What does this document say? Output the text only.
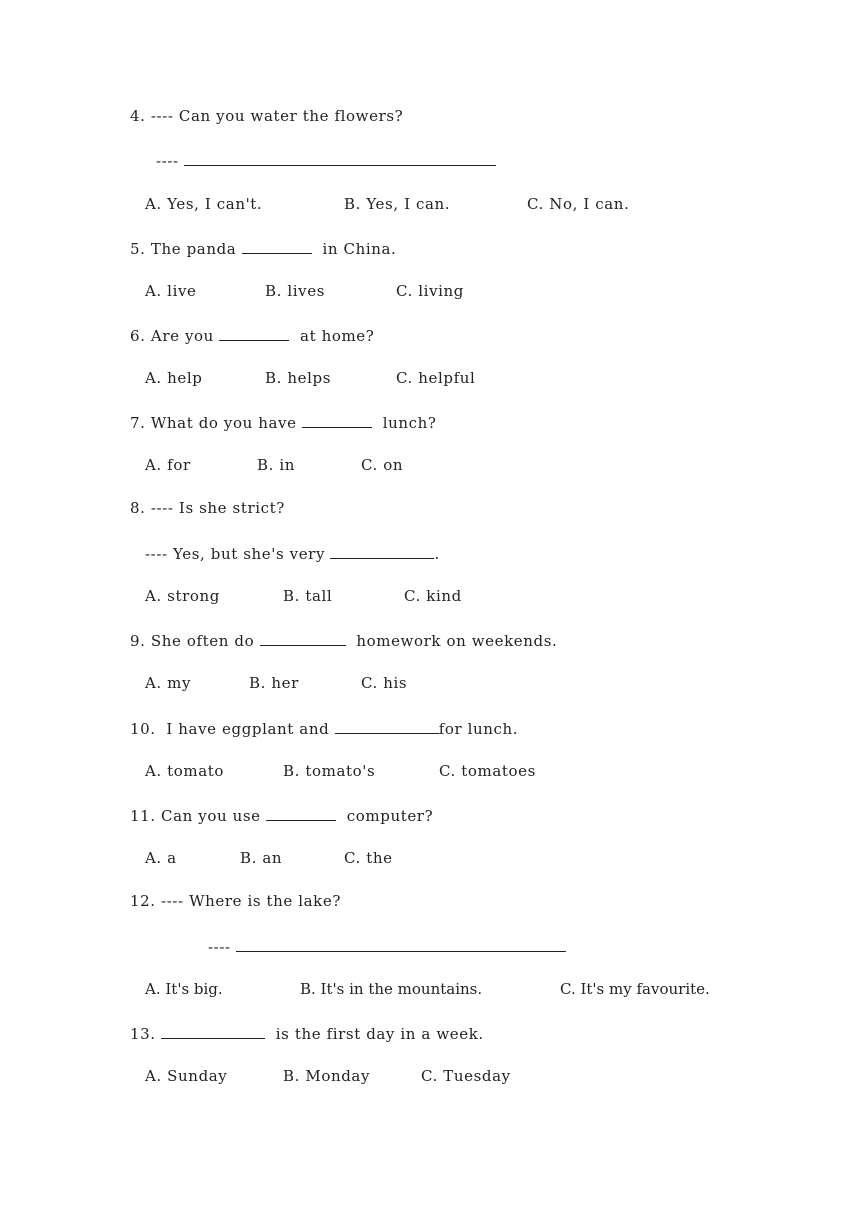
4. ---- Can you water the flowers?
----
A. Yes, I can't.	B. Yes, I can.	C. No, I can.
5. The panda	in China.
A. live	B. lives	C. living
6. Are you	at home?
A. help	B. helps	C. helpful
7. What do you have	lunch?
A. for	B. in	C. on
8. ---- Is she strict?
---- Yes, but she's very	.
A. strong	B. tall	C. kind
9. She often do	homework on weekends.
A. my	B. her	C. his
10. I have eggplant and	for lunch.
A. tomato	B. tomato's	C. tomatoes
11. Can you use	computer?
A. a	B. an	C. the
12. ---- Where is the lake?
----
A. It's big.	B. It's in the mountains.	C. It's my favourite.
13.	is the first day in a week.
A. Sunday	B. Monday	C. Tuesday
